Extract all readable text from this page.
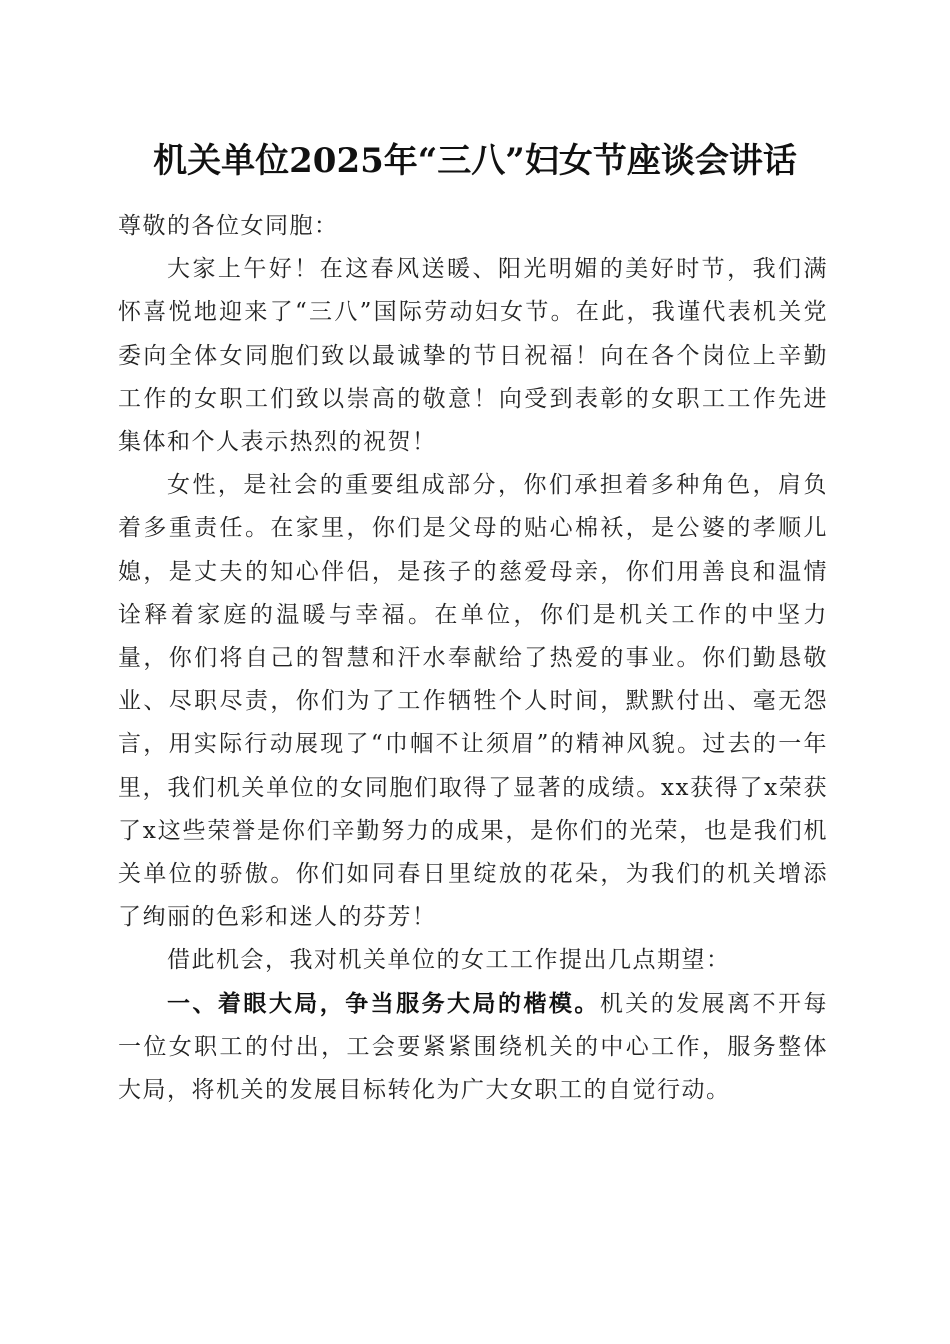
机关单位2025年“三八”妇女节座谈会讲话

尊敬的各位女同胞：

大家上午好！在这春风送暖、阳光明媚的美好时节，我们满怀喜悦地迎来了“三八”国际劳动妇女节。在此，我谨代表机关党委向全体女同胞们致以最诚挚的节日祝福！向在各个岗位上辛勤工作的女职工们致以崇高的敬意！向受到表彰的女职工工作先进集体和个人表示热烈的祝贺！

女性，是社会的重要组成部分，你们承担着多种角色，肩负着多重责任。在家里，你们是父母的贴心棉袄，是公婆的孝顺儿媳，是丈夫的知心伴侣，是孩子的慈爱母亲，你们用善良和温情诠释着家庭的温暖与幸福。在单位，你们是机关工作的中坚力量，你们将自己的智慧和汗水奉献给了热爱的事业。你们勤恳敬业、尽职尽责，你们为了工作牺牲个人时间，默默付出、毫无怨言，用实际行动展现了“巾帼不让须眉”的精神风貌。过去的一年里，我们机关单位的女同胞们取得了显著的成绩。xx获得了x荣获了x这些荣誉是你们辛勤努力的成果，是你们的光荣，也是我们机关单位的骄傲。你们如同春日里绽放的花朵，为我们的机关增添了绚丽的色彩和迷人的芬芳！

借此机会，我对机关单位的女工工作提出几点期望：

一、着眼大局，争当服务大局的楷模。机关的发展离不开每一位女职工的付出，工会要紧紧围绕机关的中心工作，服务整体大局，将机关的发展目标转化为广大女职工的自觉行动。
